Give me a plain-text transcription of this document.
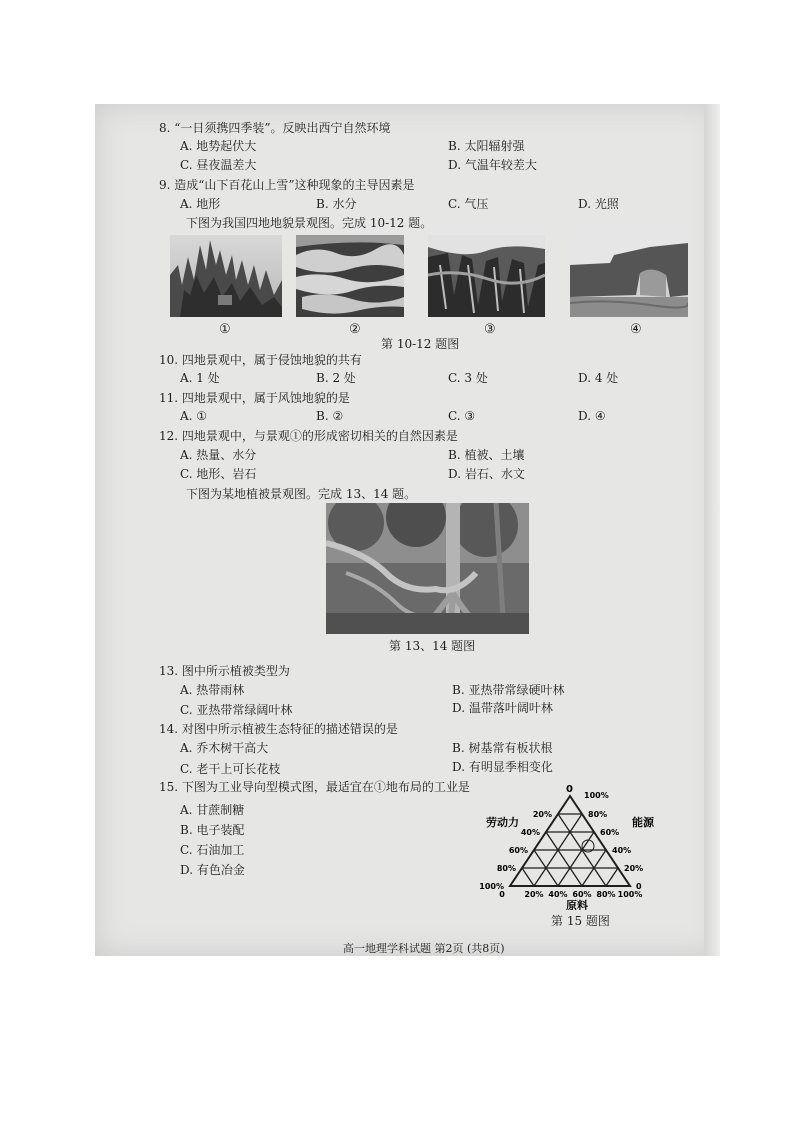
8. “一日须携四季装”。反映出西宁自然环境
A. 地势起伏大	B. 太阳辐射强
C. 昼夜温差大	D. 气温年较差大
9. 造成“山下百花山上雪”这种现象的主导因素是
A. 地形	B. 水分	C. 气压	D. 光照
下图为我国四地地貌景观图。完成 10-12 题。
①	②	③	④
第 10-12 题图
10. 四地景观中，属于侵蚀地貌的共有
A. 1 处	B. 2 处	C. 3 处	D. 4 处
11. 四地景观中，属于风蚀地貌的是
A. ①	B. ②	C. ③	D. ④
12. 四地景观中，与景观①的形成密切相关的自然因素是
A. 热量、水分	B. 植被、土壤
C. 地形、岩石	D. 岩石、水文
下图为某地植被景观图。完成 13、14 题。
第 13、14 题图
13. 图中所示植被类型为
A. 热带雨林	B. 亚热带常绿硬叶林
C. 亚热带常绿阔叶林	D. 温带落叶阔叶林
14. 对图中所示植被生态特征的描述错误的是
A. 乔木树干高大	B. 树基常有板状根
C. 老干上可长花枝	D. 有明显季相变化
15. 下图为工业导向型模式图，最适宜在①地布局的工业是
A. 甘蔗制糖
B. 电子装配
C. 石油加工
D. 有色冶金
0
劳动力	能源
原料
20%
40%
60%
80%
100%
100%
80%
60%
40%
20%
0
0 20% 40% 60% 80% 100%
第 15 题图
高一地理学科试题 第2页 (共8页)
